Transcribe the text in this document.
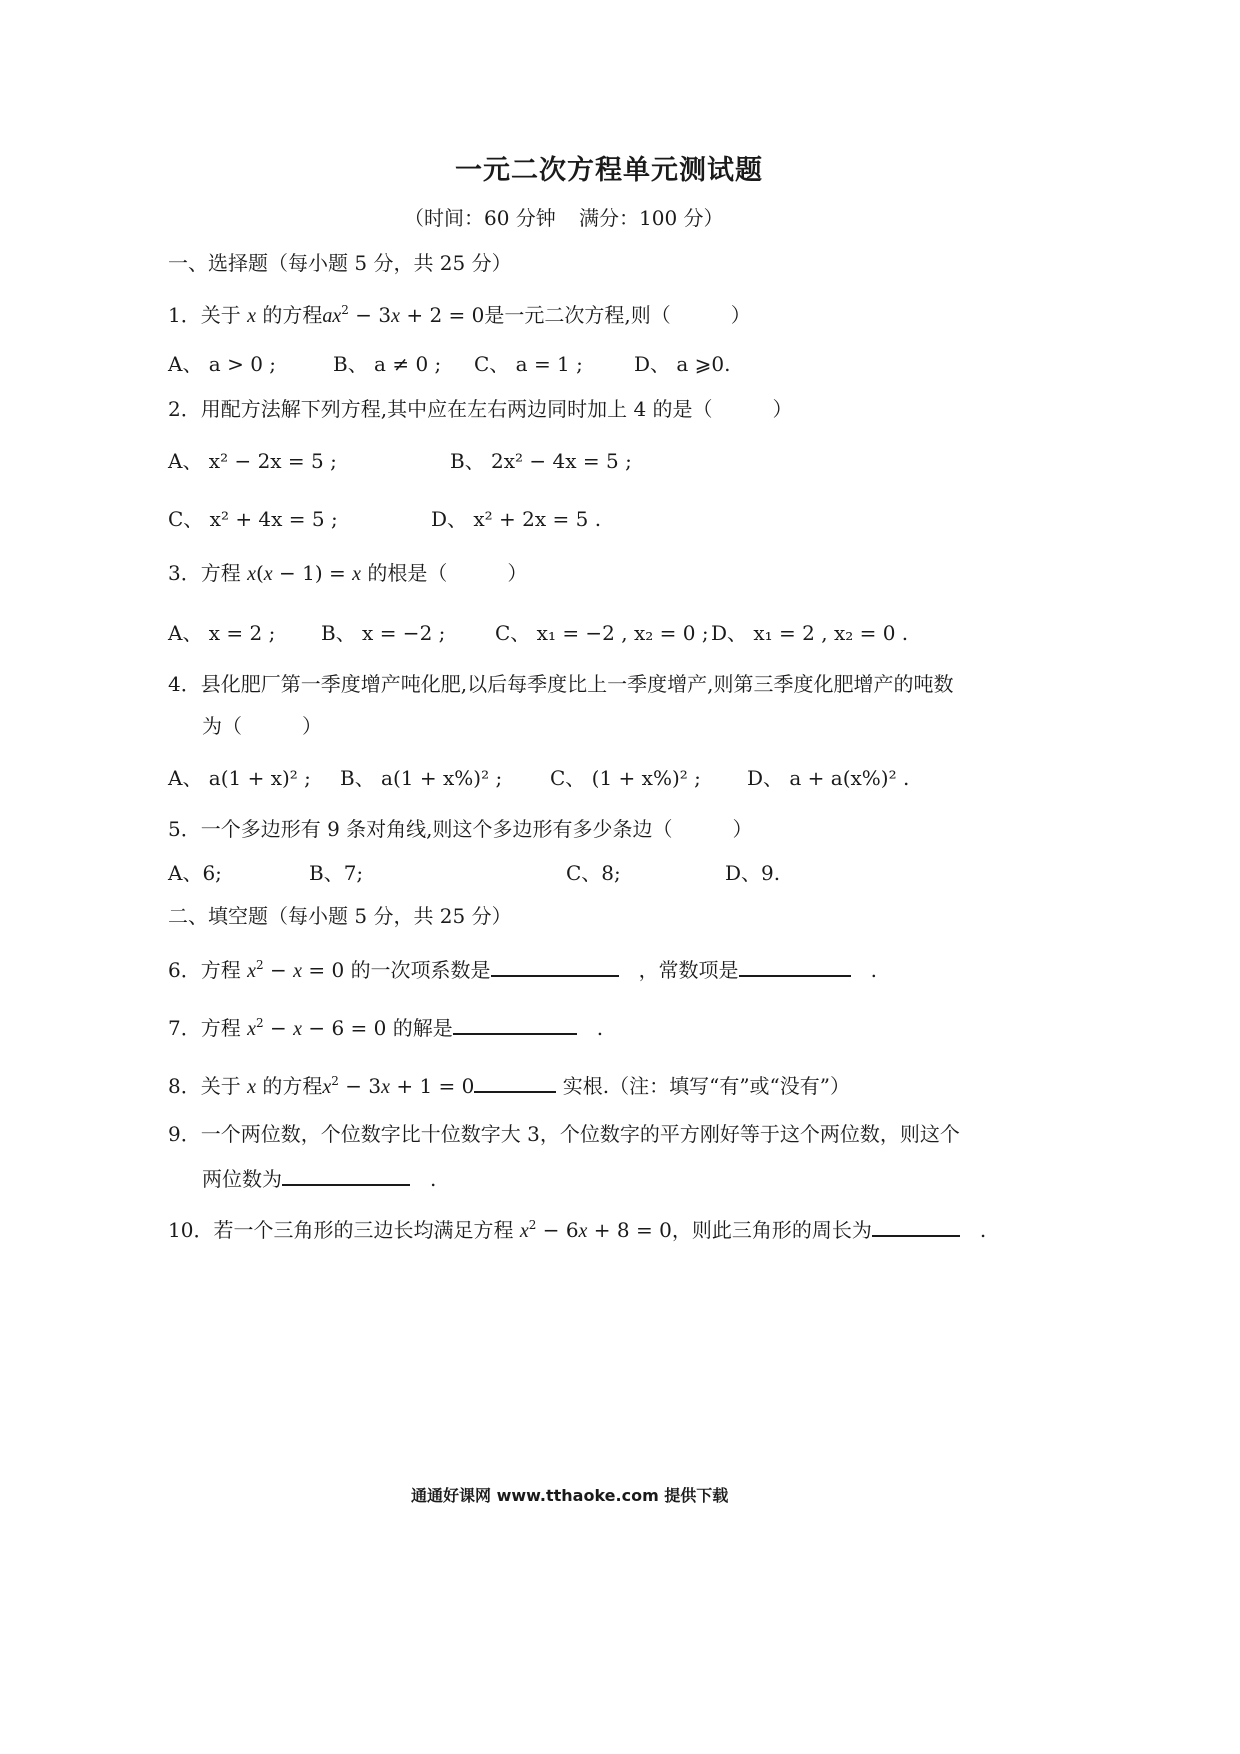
一元二次方程单元测试题
（时间：60 分钟 满分：100 分）
一、选择题（每小题 5 分，共 25 分）
1．关于 x 的方程$ax^2 - 3x + 2 = 0$是一元二次方程,则（　　　）
A、 a > 0 ;	B、 a ≠ 0 ; C、 a = 1 ;	D、 a ⩾0.
2．用配方法解下列方程,其中应在左右两边同时加上 4 的是（　　　）
A、 x² − 2x = 5 ;	B、 2x² − 4x = 5 ;
C、 x² + 4x = 5 ;	D、 x² + 2x = 5 .
3．方程 x(x − 1) = x 的根是（　　　）
A、 x = 2 ; B、 x = −2 ; C、 x₁ = −2 , x₂ = 0 ; D、 x₁ = 2 , x₂ = 0 .
4．县化肥厂第一季度增产吨化肥,以后每季度比上一季度增产,则第三季度化肥增产的吨数
为（　　　）
A、 a(1 + x)² ; B、 a(1 + x%)² ; C、 (1 + x%)² ; D、 a + a(x%)² .
5．一个多边形有 9 条对角线,则这个多边形有多少条边（　　　）
A、6;	B、7;	C、8;	D、9.
二、填空题（每小题 5 分，共 25 分）
6．方程 $x^2 - x = 0$ 的一次项系数是　	，常数项是　	.
7．方程 $x^2 - x - 6 = 0$ 的解是　	.
8．关于 x 的方程$x^2 - 3x + 1 = 0$	实根.（注：填写“有”或“没有”）
9．一个两位数，个位数字比十位数字大 3，个位数字的平方刚好等于这个两位数，则这个
两位数为　	.
10．若一个三角形的三边长均满足方程 $x^2 - 6x + 8 = 0$，则此三角形的周长为　	.
通通好课网 www.tthaoke.com 提供下载
